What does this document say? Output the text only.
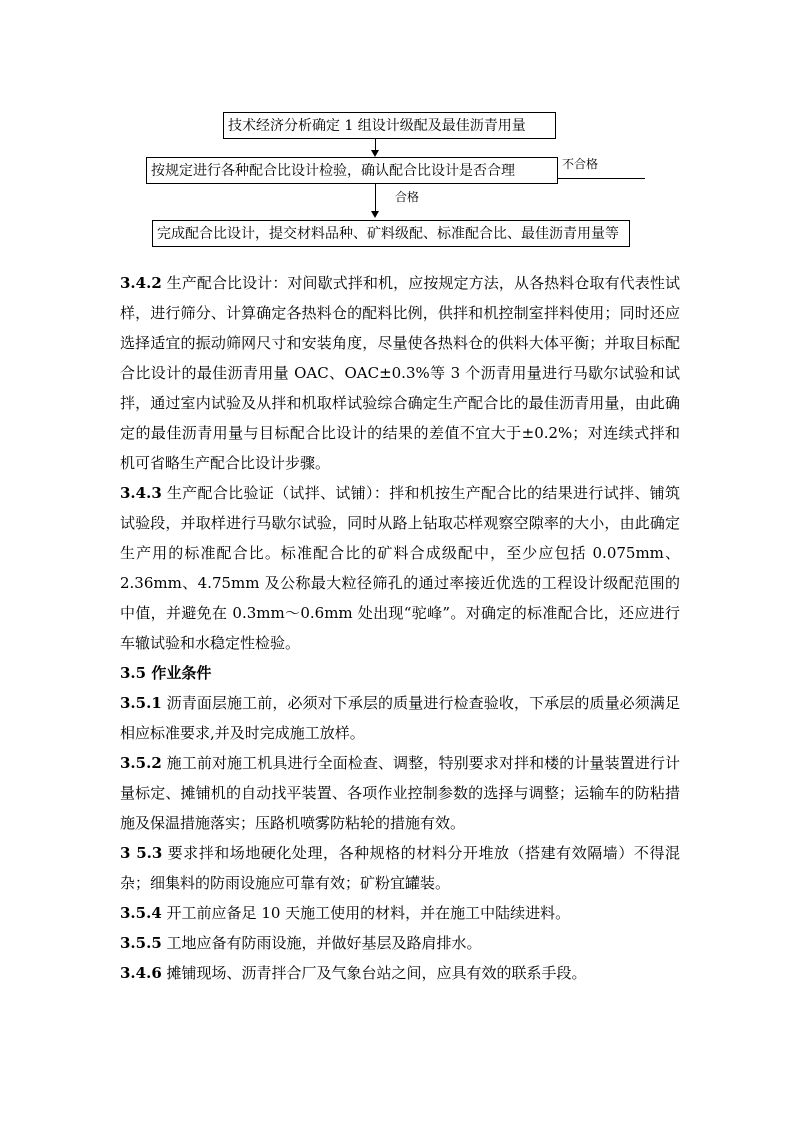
技术经济分析确定 1 组设计级配及最佳沥青用量
按规定进行各种配合比设计检验，确认配合比设计是否合理	不合格
合格
完成配合比设计，提交材料品种、矿料级配、标准配合比、最佳沥青用量等

3.4.2 生产配合比设计：对间歇式拌和机，应按规定方法，从各热料仓取有代表性试样，进行筛分、计算确定各热料仓的配料比例，供拌和机控制室拌料使用；同时还应选择适宜的振动筛网尺寸和安装角度，尽量使各热料仓的供料大体平衡；并取目标配合比设计的最佳沥青用量 OAC、OAC±0.3%等 3 个沥青用量进行马歇尔试验和试拌，通过室内试验及从拌和机取样试验综合确定生产配合比的最佳沥青用量，由此确定的最佳沥青用量与目标配合比设计的结果的差值不宜大于±0.2%；对连续式拌和机可省略生产配合比设计步骤。

3.4.3 生产配合比验证（试拌、试铺）：拌和机按生产配合比的结果进行试拌、铺筑试验段，并取样进行马歇尔试验，同时从路上钻取芯样观察空隙率的大小，由此确定生产用的标准配合比。标准配合比的矿料合成级配中，至少应包括 0.075mm、2.36mm、4.75mm 及公称最大粒径筛孔的通过率接近优选的工程设计级配范围的中值，并避免在 0.3mm～0.6mm 处出现“驼峰”。对确定的标准配合比，还应进行车辙试验和水稳定性检验。

3.5 作业条件

3.5.1 沥青面层施工前，必须对下承层的质量进行检查验收，下承层的质量必须满足相应标准要求,并及时完成施工放样。

3.5.2 施工前对施工机具进行全面检查、调整，特别要求对拌和楼的计量装置进行计量标定、摊铺机的自动找平装置、各项作业控制参数的选择与调整；运输车的防粘措施及保温措施落实；压路机喷雾防粘轮的措施有效。

3 5.3 要求拌和场地硬化处理，各种规格的材料分开堆放（搭建有效隔墙）不得混杂；细集料的防雨设施应可靠有效；矿粉宜罐装。

3.5.4 开工前应备足 10 天施工使用的材料，并在施工中陆续进料。

3.5.5 工地应备有防雨设施，并做好基层及路肩排水。

3.4.6 摊铺现场、沥青拌合厂及气象台站之间，应具有效的联系手段。
